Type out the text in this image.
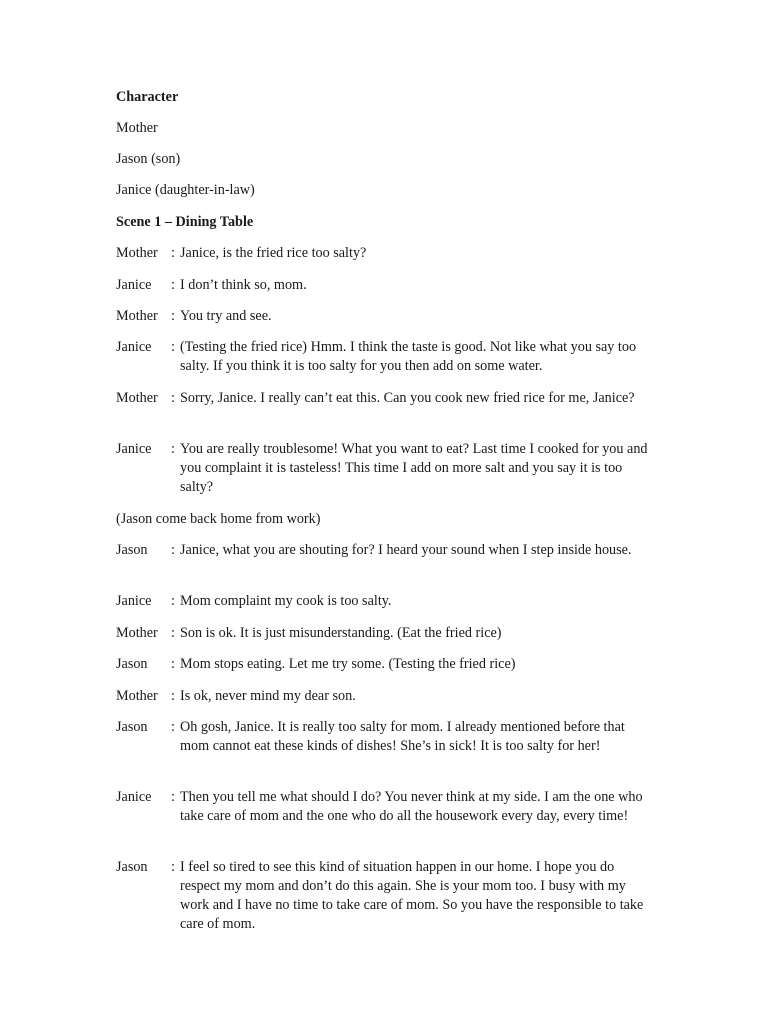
Character
Mother
Jason (son)
Janice (daughter-in-law)
Scene 1 – Dining Table
Mother : Janice, is the fried rice too salty?
Janice	: I don’t think so, mom.
Mother : You try and see.
Janice	: (Testing the fried rice) Hmm. I think the taste is good. Not like what you say too salty. If you think it is too salty for you then add on some water.
Mother : Sorry, Janice. I really can’t eat this. Can you cook new fried rice for me, Janice?
Janice	: You are really troublesome! What you want to eat? Last time I cooked for you and you complaint it is tasteless! This time I add on more salt and you say it is too salty?
(Jason come back home from work)
Jason	: Janice, what you are shouting for? I heard your sound when I step inside house.
Janice	: Mom complaint my cook is too salty.
Mother : Son is ok. It is just misunderstanding. (Eat the fried rice)
Jason	: Mom stops eating. Let me try some. (Testing the fried rice)
Mother : Is ok, never mind my dear son.
Jason	: Oh gosh, Janice. It is really too salty for mom. I already mentioned before that mom cannot eat these kinds of dishes! She’s in sick! It is too salty for her!
Janice	: Then you tell me what should I do? You never think at my side. I am the one who take care of mom and the one who do all the housework every day, every time!
Jason	: I feel so tired to see this kind of situation happen in our home. I hope you do respect my mom and don’t do this again. She is your mom too. I busy with my work and I have no time to take care of mom. So you have the responsible to take care of mom.
